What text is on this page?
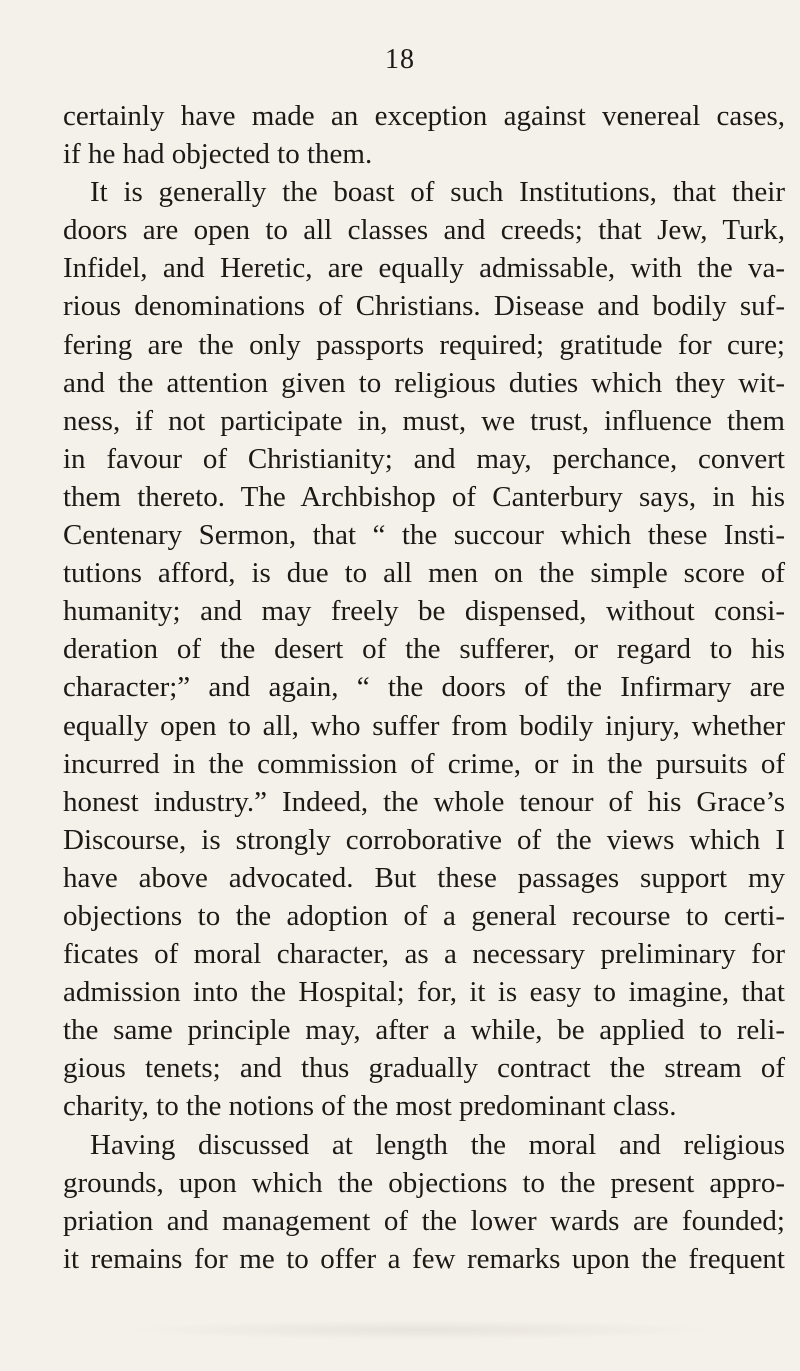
18
certainly have made an exception against venereal cases,
if he had objected to them.
It is generally the boast of such Institutions, that their
doors are open to all classes and creeds; that Jew, Turk,
Infidel, and Heretic, are equally admissable, with the va-
rious denominations of Christians. Disease and bodily suf-
fering are the only passports required; gratitude for cure;
and the attention given to religious duties which they wit-
ness, if not participate in, must, we trust, influence them
in favour of Christianity; and may, perchance, convert
them thereto. The Archbishop of Canterbury says, in his
Centenary Sermon, that “ the succour which these Insti-
tutions afford, is due to all men on the simple score of
humanity; and may freely be dispensed, without consi-
deration of the desert of the sufferer, or regard to his
character;” and again, “ the doors of the Infirmary are
equally open to all, who suffer from bodily injury, whether
incurred in the commission of crime, or in the pursuits of
honest industry.” Indeed, the whole tenour of his Grace’s
Discourse, is strongly corroborative of the views which I
have above advocated. But these passages support my
objections to the adoption of a general recourse to certi-
ficates of moral character, as a necessary preliminary for
admission into the Hospital; for, it is easy to imagine, that
the same principle may, after a while, be applied to reli-
gious tenets; and thus gradually contract the stream of
charity, to the notions of the most predominant class.
Having discussed at length the moral and religious
grounds, upon which the objections to the present appro-
priation and management of the lower wards are founded;
it remains for me to offer a few remarks upon the frequent
